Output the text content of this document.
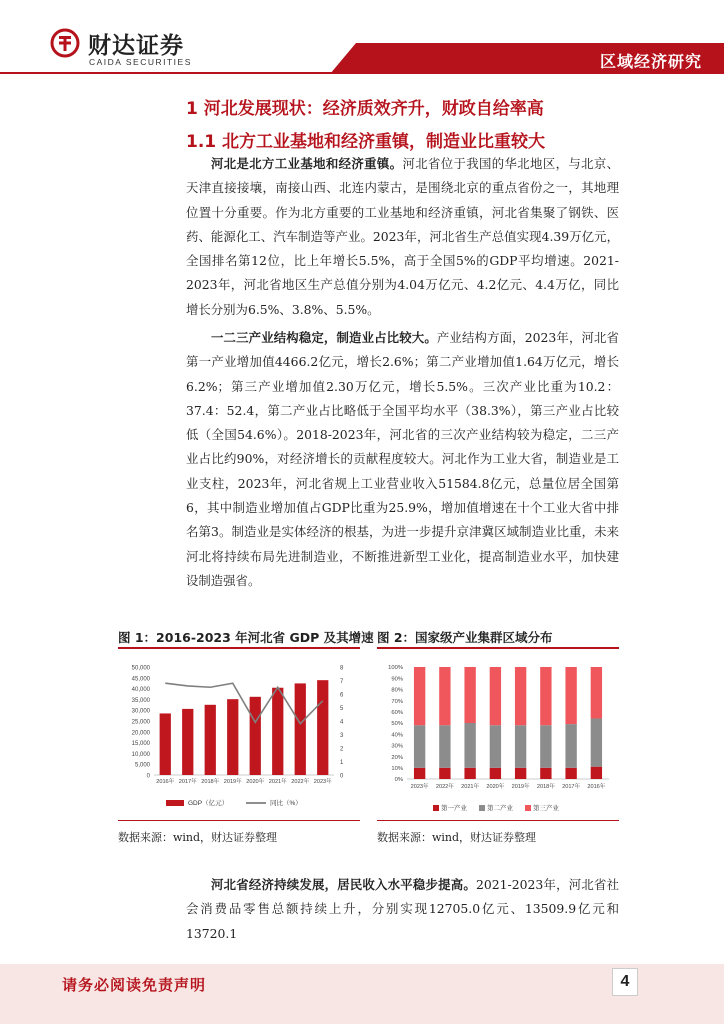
财达证券
CAIDA SECURITIES	区域经济研究
1 河北发展现状：经济质效齐升，财政自给率高
1.1 北方工业基地和经济重镇，制造业比重较大
河北是北方工业基地和经济重镇。河北省位于我国的华北地区，与北京、天津直接接壤，南接山西、北连内蒙古，是围绕北京的重点省份之一，其地理位置十分重要。作为北方重要的工业基地和经济重镇，河北省集聚了钢铁、医药、能源化工、汽车制造等产业。2023年，河北省生产总值实现4.39万亿元，全国排名第12位，比上年增长5.5%，高于全国5%的GDP平均增速。2021-2023年，河北省地区生产总值分别为4.04万亿元、4.2亿元、4.4万亿，同比增长分别为6.5%、3.8%、5.5%。
一二三产业结构稳定，制造业占比较大。产业结构方面，2023年，河北省第一产业增加值4466.2亿元，增长2.6%；第二产业增加值1.64万亿元，增长6.2%；第三产业增加值2.30万亿元，增长5.5%。三次产业比重为10.2：37.4：52.4，第二产业占比略低于全国平均水平（38.3%），第三产业占比较低（全国54.6%）。2018-2023年，河北省的三次产业结构较为稳定，二三产业占比约90%，对经济增长的贡献程度较大。河北作为工业大省，制造业是工业支柱，2023年，河北省规上工业营业收入51584.8亿元，总量位居全国第6，其中制造业增加值占GDP比重为25.9%，增加值增速在十个工业大省中排名第3。制造业是实体经济的根基，为进一步提升京津冀区域制造业比重，未来河北将持续布局先进制造业，不断推进新型工业化，提高制造业水平，加快建设制造强省。
图 1：2016-2023 年河北省 GDP 及其增速
0
5,000
10,000
15,000
20,000
25,000
30,000
35,000
40,000
45,000
50,000
0
1
2
3
4
5
6
7
8
2016年 2017年 2018年 2019年 2020年 2021年 2022年 2023年
GDP（亿元）	同比（%）
数据来源：wind，财达证券整理
图 2：国家级产业集群区域分布
0%
10%
20%
30%
40%
50%
60%
70%
80%
90%
100%
2023年 2022年 2021年 2020年 2019年 2018年 2017年 2016年
第一产业	第二产业	第三产业
数据来源：wind，财达证券整理
河北省经济持续发展，居民收入水平稳步提高。2021-2023年，河北省社会消费品零售总额持续上升，分别实现12705.0亿元、13509.9亿元和13720.1
请务必阅读免责声明	4
